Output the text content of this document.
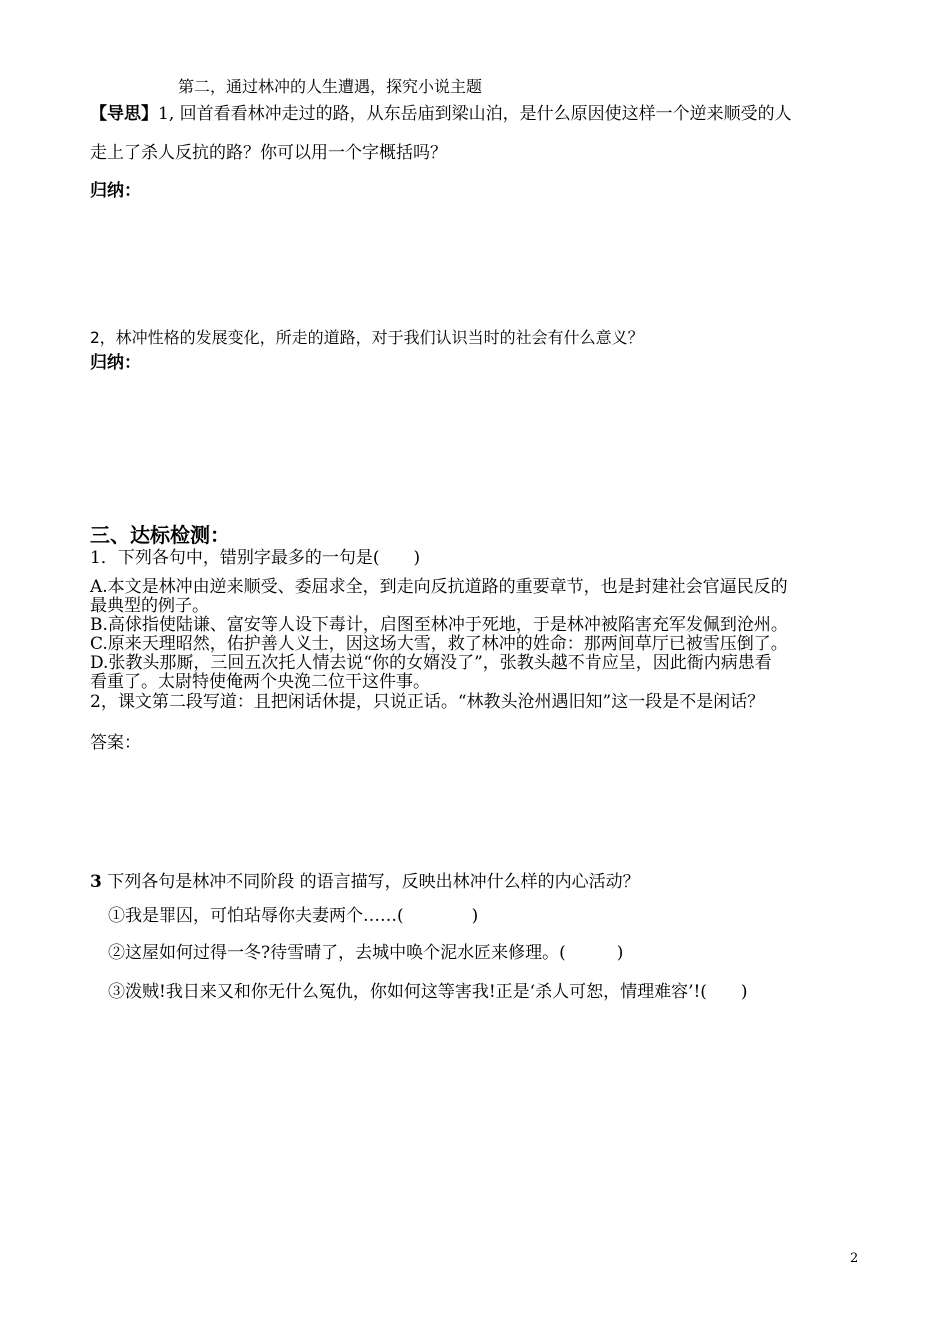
第二，通过林冲的人生遭遇，探究小说主题
【导思】1, 回首看看林冲走过的路，从东岳庙到梁山泊，是什么原因使这样一个逆来顺受的人
走上了杀人反抗的路？你可以用一个字概括吗？
归纳：
2，林冲性格的发展变化，所走的道路，对于我们认识当时的社会有什么意义？
归纳：
三、达标检测：
1．下列各句中，错别字最多的一句是(　　)
A.本文是林冲由逆来顺受、委屈求全，到走向反抗道路的重要章节，也是封建社会官逼民反的
最典型的例子。
B.高俅指使陆谦、富安等人设下毒计，启图至林冲于死地，于是林冲被陷害充军发佩到沧州。
C.原来天理昭然，佑护善人义士，因这场大雪，救了林冲的姓命：那两间草厅已被雪压倒了。
D.张教头那厮，三回五次托人情去说“你的女婿没了”，张教头越不肯应呈，因此衙内病患看
看重了。太尉特使俺两个央浼二位干这件事。
2，课文第二段写道：且把闲话休提，只说正话。“林教头沧州遇旧知”这一段是不是闲话？
答案：
3 下列各句是林冲不同阶段 的语言描写，反映出林冲什么样的内心活动？
①我是罪囚，可怕玷辱你夫妻两个……(　　　　)
②这屋如何过得一冬?待雪晴了，去城中唤个泥水匠来修理。(　　　)
③泼贼!我日来又和你无什么冤仇，你如何这等害我!正是‘杀人可恕，情理难容’!(　　)
2
